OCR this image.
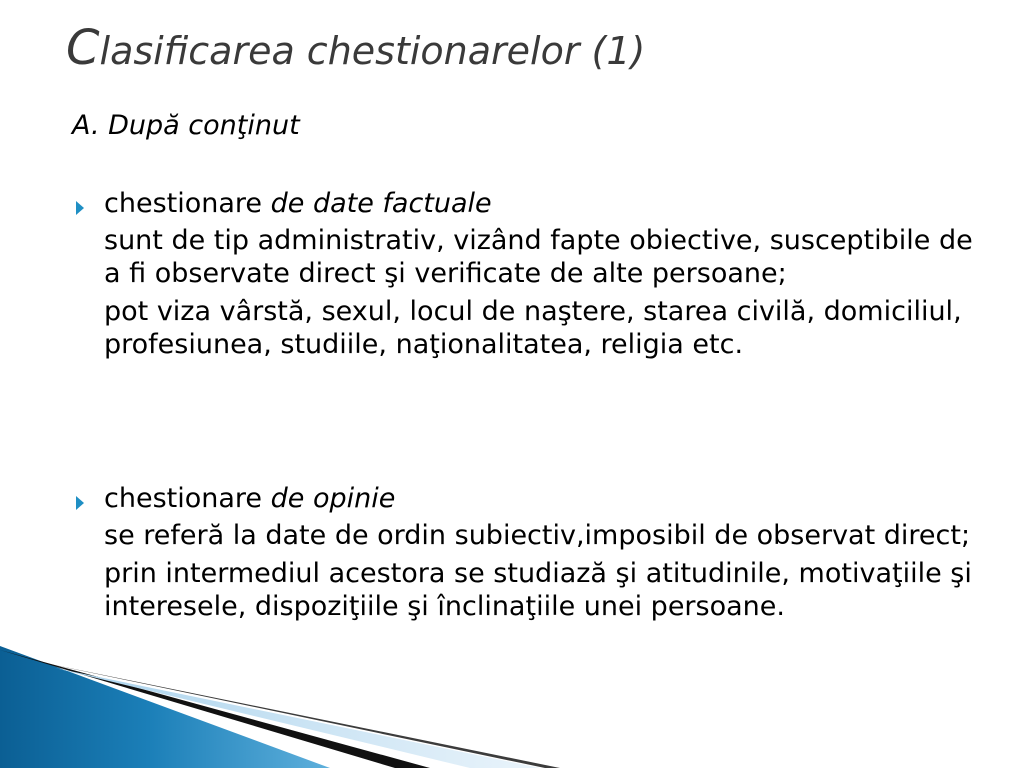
Clasificarea chestionarelor (1)

A. După conţinut

chestionare de date factuale

sunt de tip administrativ, vizând fapte obiective, susceptibile de a fi observate direct şi verificate de alte persoane;

pot viza vârstă, sexul, locul de naştere, starea civilă, domiciliul, profesiunea, studiile, naţionalitatea, religia etc.

chestionare de opinie

se referă la date de ordin subiectiv,imposibil de observat direct;

prin intermediul acestora se studiază şi atitudinile, motivaţiile şi interesele, dispoziţiile şi înclinaţiile unei persoane.
